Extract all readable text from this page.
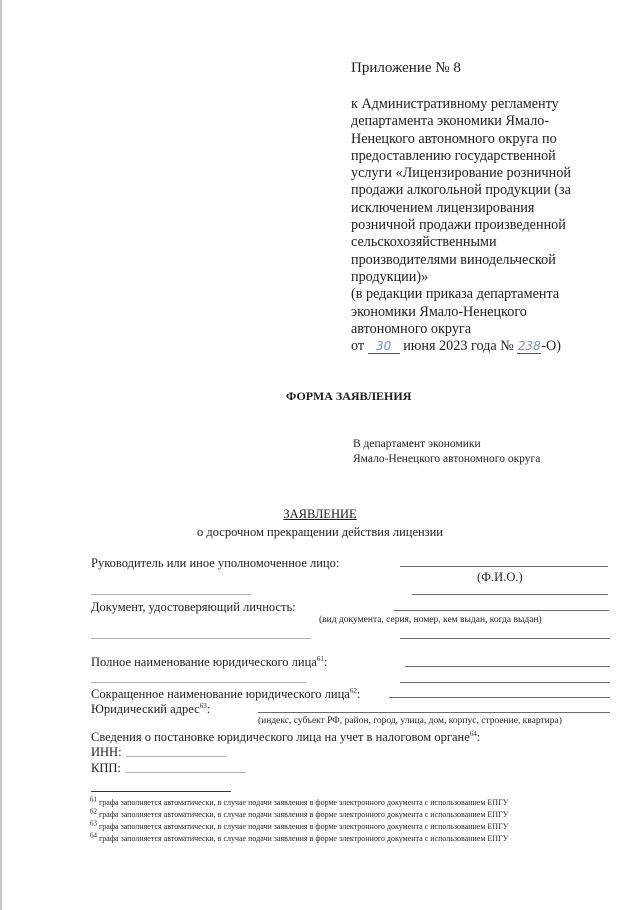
Приложение № 8
к Административному регламенту
департамента экономики Ямало-
Ненецкого автономного округа по
предоставлению государственной
услуги «Лицензирование розничной
продажи алкогольной продукции (за
исключением лицензирования
розничной продажи произведенной
сельскохозяйственными
производителями винодельческой
продукции)»
(в редакции приказа департамента
экономики Ямало-Ненецкого
автономного округа
от 30 июня 2023 года № 238-О)
ФОРМА ЗАЯВЛЕНИЯ
В департамент экономики
Ямало-Ненецкого автономного округа
ЗАЯВЛЕНИЕ
о досрочном прекращении действия лицензии
Руководитель или иное уполномоченное лицо:
(Ф.И.О.)
Документ, удостоверяющий личность:
(вид документа, серия, номер, кем выдан, когда выдан)
Полное наименование юридического лица$^{61}$:
Сокращенное наименование юридического лица$^{62}$:
Юридический адрес$^{63}$:
(индекс, субъект РФ, район, город, улица, дом, корпус, строение, квартира)
Сведения о постановке юридического лица на учет в налоговом органе$^{64}$:
ИНН:
КПП:
$^{61}$ графа заполняется автоматически, в случае подачи заявления в форме электронного документа с использованием ЕПГУ
$^{62}$ графа заполняется автоматически, в случае подачи заявления в форме электронного документа с использованием ЕПГУ
$^{63}$ графа заполняется автоматически, в случае подачи заявления в форме электронного документа с использованием ЕПГУ
$^{64}$ графа заполняется автоматически, в случае подачи заявления в форме электронного документа с использованием ЕПГУ
